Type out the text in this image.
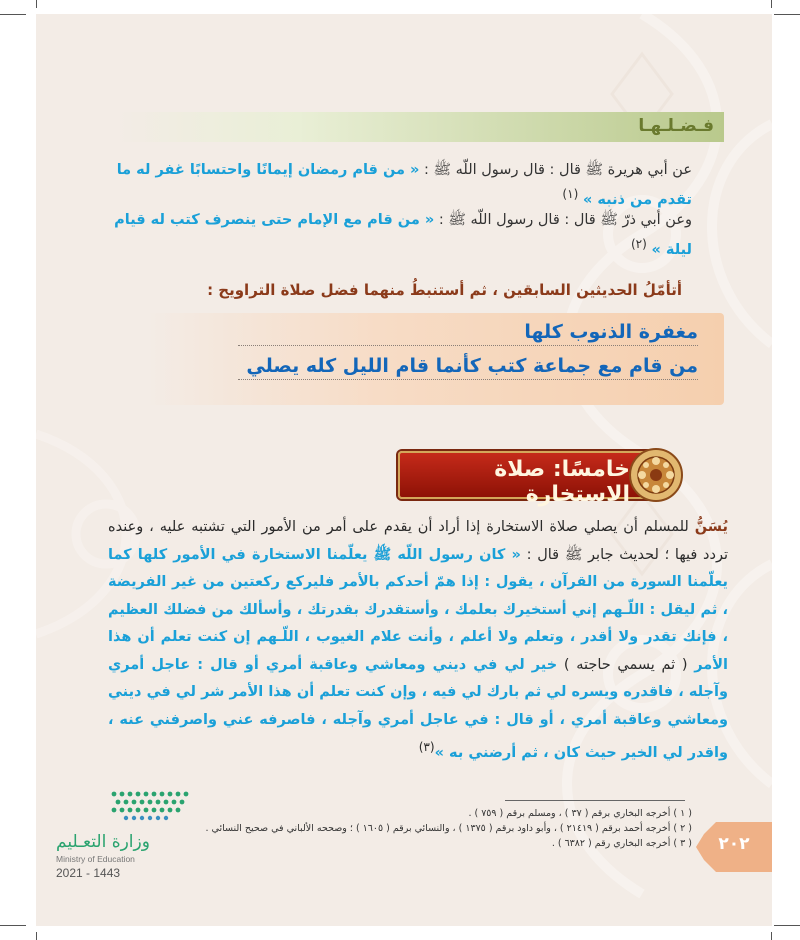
فـضـلـهـا
عن أبي هريرة ﷺ قال : قال رسول اللّه ﷺ : « من قام رمضان إيمانًا واحتسابًا غفر له ما تقدم من ذنبه » $^{(١)}$
وعن أبي ذرّ ﷺ قال : قال رسول اللّه ﷺ : « من قام مع الإمام حتى ينصرف كتب له قيام ليلة » $^{(٢)}$
أتأمّلُ الحديثين السابقين ، ثم أستنبطُ منهما فضل صلاة التراويح :
مغفرة الذنوب كلها
من قام مع جماعة كتب كأنما قام الليل كله يصلي
خامسًا: صلاة الاستخارة
يُسَنُّ للمسلم أن يصلي صلاة الاستخارة إذا أراد أن يقدم على أمر من الأمور التي تشتبه عليه ، وعنده تردد فيها ؛ لحديث جابر ﷺ قال : « كان رسول اللّه ﷺ يعلّمنا الاستخارة في الأمور كلها كما يعلّمنا السورة من القرآن ، يقول : إذا همّ أحدكم بالأمر فليركع ركعتين من غير الفريضة ، ثم ليقل : اللّـهم إني أستخيرك بعلمك ، وأستقدرك بقدرتك ، وأسألك من فضلك العظيم ، فإنك تقدر ولا أقدر ، وتعلم ولا أعلم ، وأنت علام الغيوب ، اللّـهم إن كنت تعلم أن هذا الأمر ( ثم يسمي حاجته ) خير لي في ديني ومعاشي وعاقبة أمري أو قال : عاجل أمري وآجله ، فاقدره ويسره لي ثم بارك لي فيه ، وإن كنت تعلم أن هذا الأمر شر لي في ديني ومعاشي وعاقبة أمري ، أو قال : في عاجل أمري وآجله ، فاصرفه عني واصرفني عنه ، واقدر لي الخير حيث كان ، ثم أرضني به »$^{(٣)}$
( ١ ) أخرجه البخاري برقم ( ٣٧ ) ، ومسلم برقم ( ٧٥٩ ) .
( ٢ ) أخرجه أحمد برقم ( ٢١٤١٩ ) ، وأبو داود برقم ( ١٣٧٥ ) ، والنسائي برقم ( ١٦٠٥ ) ؛ وصححه الألباني في صحيح النسائي .
( ٣ ) أخرجه البخاري رقم ( ٦٣٨٢ ) .	٢٠٢
وزارة التعـليم
Ministry of Education
2021 - 1443
